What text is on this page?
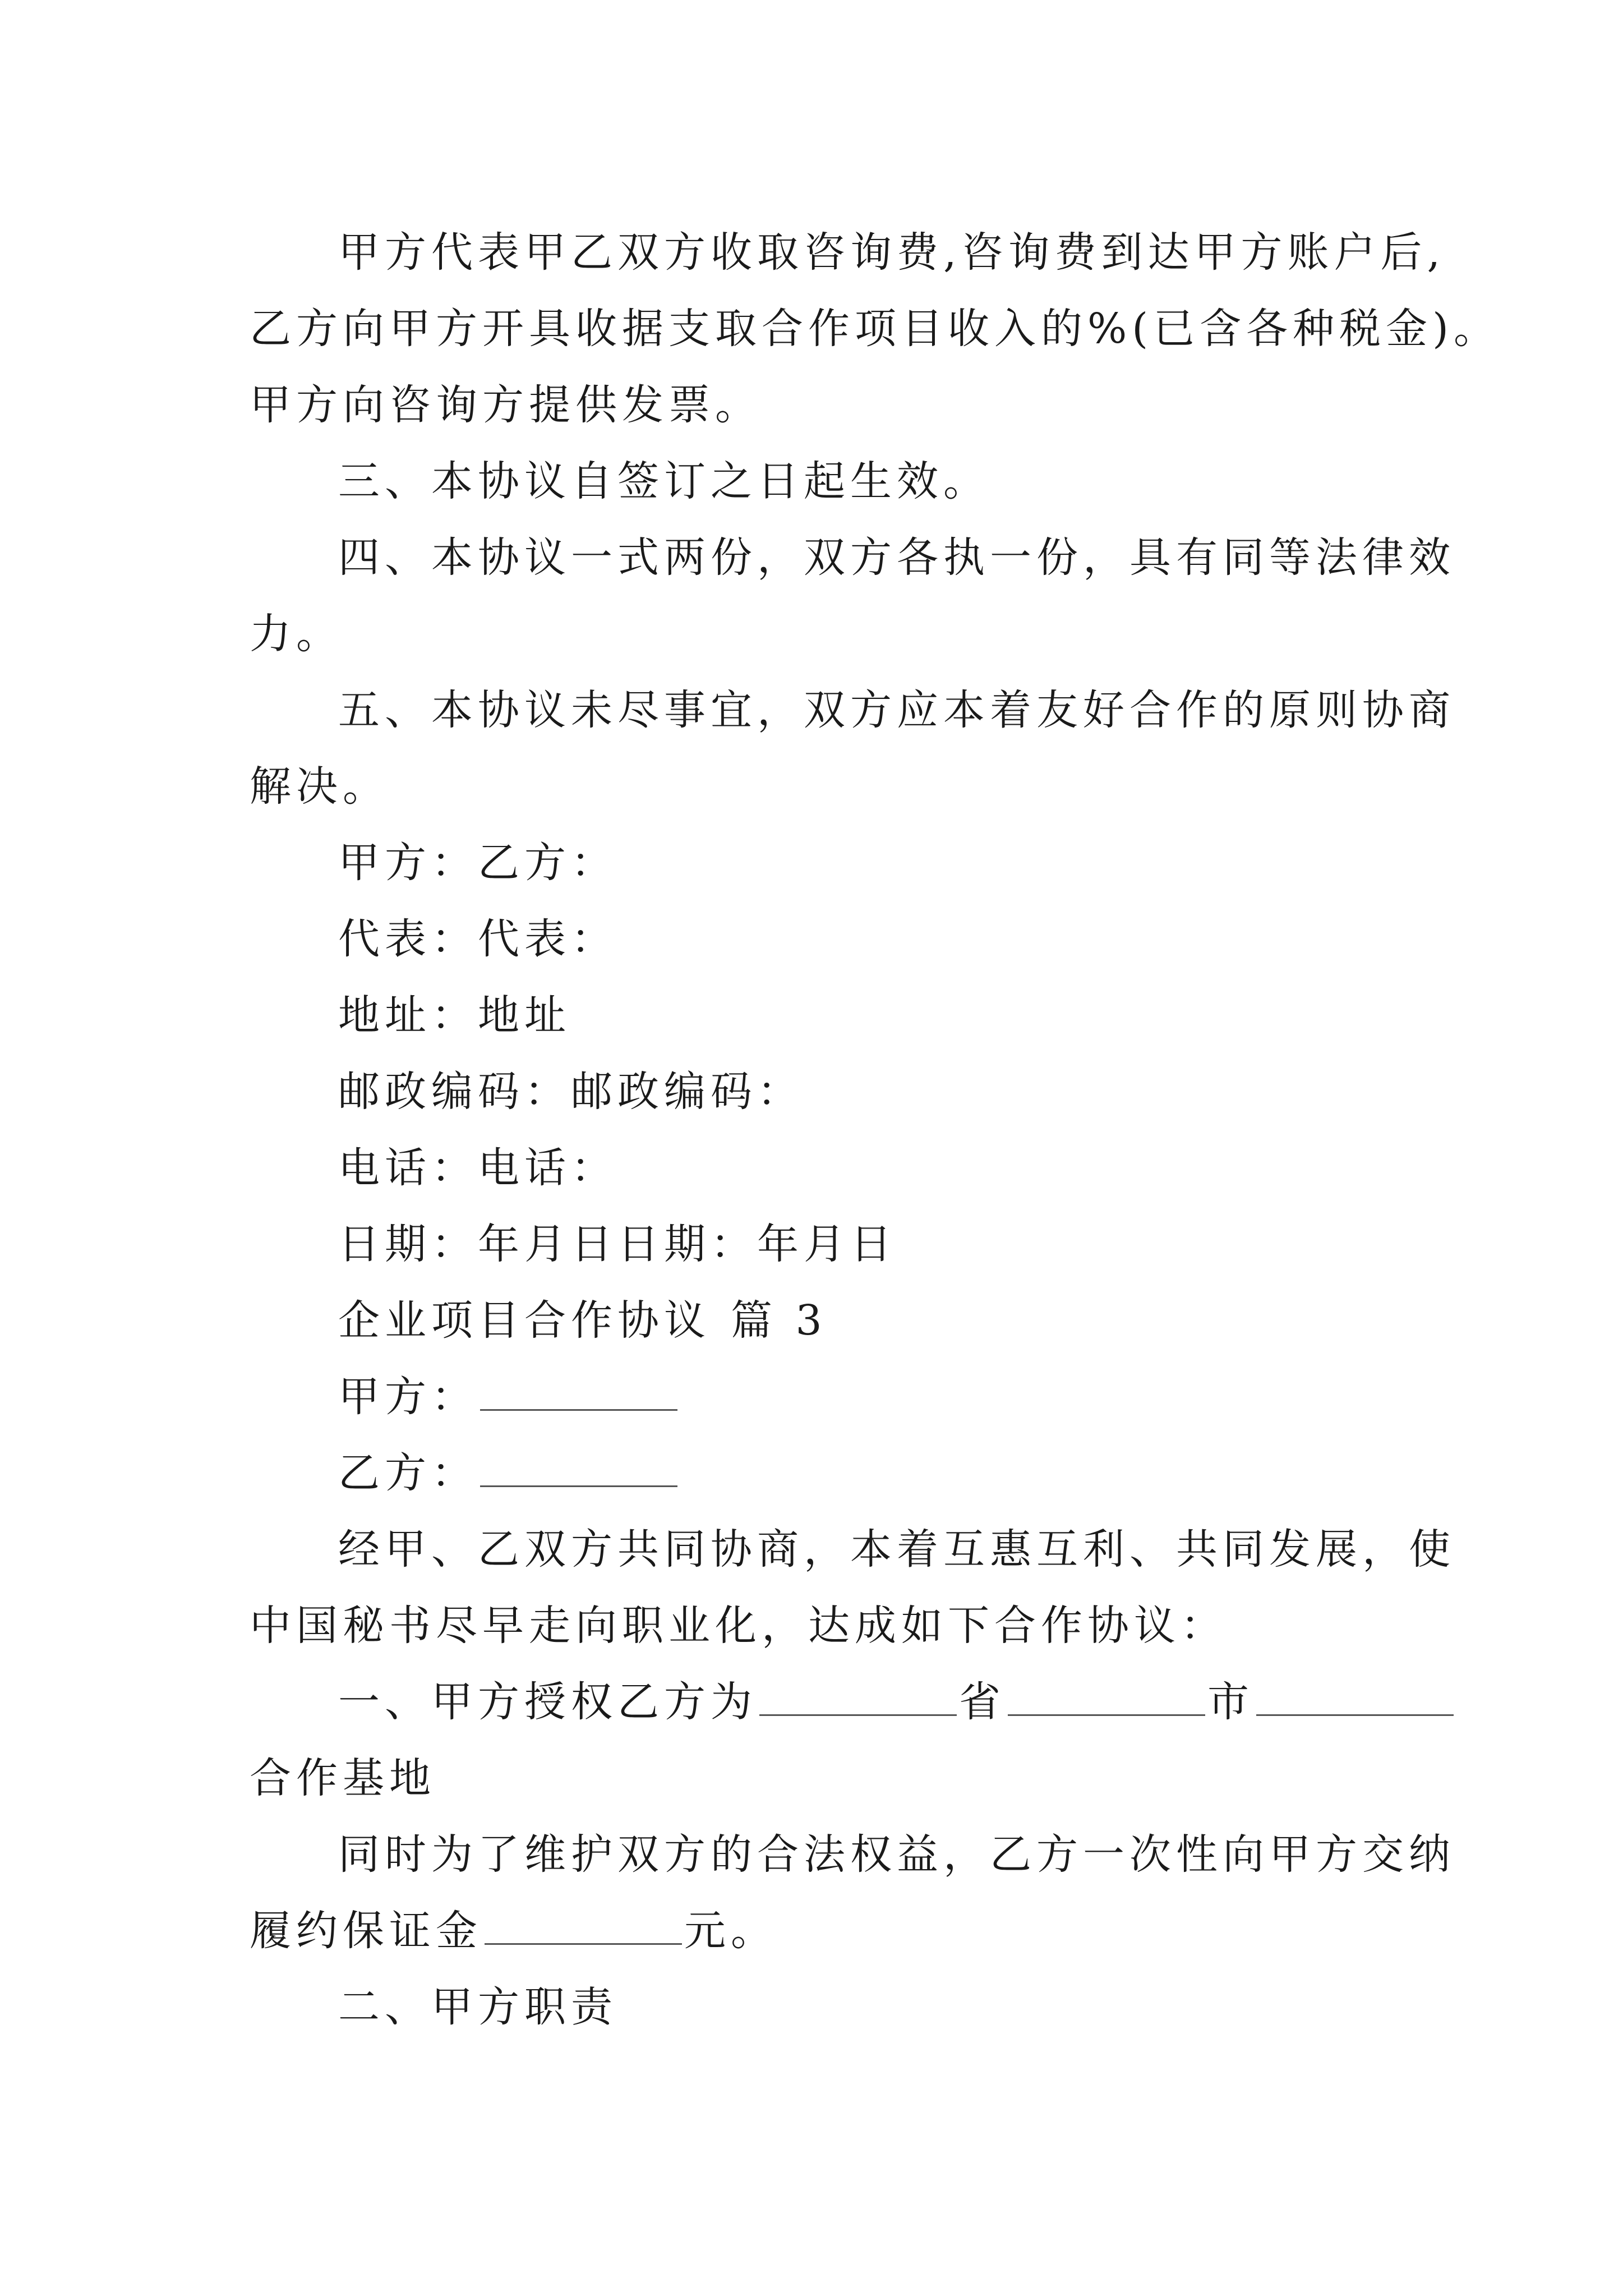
甲方代表甲乙双方收取咨询费,咨询费到达甲方账户后,
乙方向甲方开具收据支取合作项目收入的%(已含各种税金)。
甲方向咨询方提供发票。
三、本协议自签订之日起生效。
四、本协议一式两份，双方各执一份，具有同等法律效
力。
五、本协议未尽事宜，双方应本着友好合作的原则协商
解决。
甲方：乙方：
代表：代表：
地址：地址
邮政编码：邮政编码：
电话：电话：
日期：年月日日期：年月日
企业项目合作协议 篇 3
甲方：
乙方：
经甲、乙双方共同协商，本着互惠互利、共同发展，使
中国秘书尽早走向职业化，达成如下合作协议：
一、甲方授权乙方为	省	市
合作基地
同时为了维护双方的合法权益，乙方一次性向甲方交纳
履约保证金	元。
二、甲方职责
